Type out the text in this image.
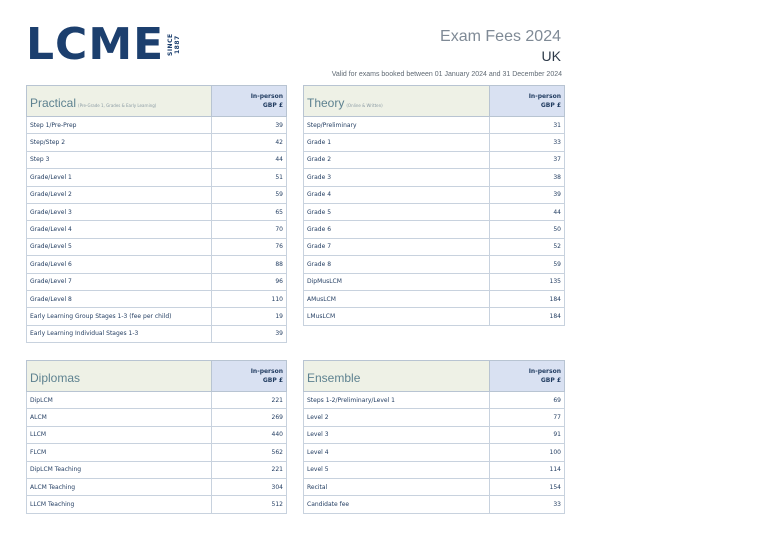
LCME SINCE 1887	Exam Fees 2024
UK
Valid for exams booked between 01 January 2024 and 31 December 2024
Practical (Pre-Grade 1, Grades & Early Learning)	In-person
GBP £

Step 1/Pre-Prep	39
Step/Step 2	42
Step 3	44
Grade/Level 1	51
Grade/Level 2	59
Grade/Level 3	65
Grade/Level 4	70
Grade/Level 5	76
Grade/Level 6	88
Grade/Level 7	96
Grade/Level 8	110
Early Learning Group Stages 1-3 (fee per child)	19
Early Learning Individual Stages 1-3	39
Theory (Online & Written)	In-person
GBP £

Step/Preliminary	31
Grade 1	33
Grade 2	37
Grade 3	38
Grade 4	39
Grade 5	44
Grade 6	50
Grade 7	52
Grade 8	59
DipMusLCM	135
AMusLCM	184
LMusLCM	184
Diplomas	In-person
GBP £

DipLCM	221
ALCM	269
LLCM	440
FLCM	562
DipLCM Teaching	221
ALCM Teaching	304
LLCM Teaching	512
Ensemble	In-person
GBP £

Steps 1-2/Preliminary/Level 1	69
Level 2	77
Level 3	91
Level 4	100
Level 5	114
Recital	154
Candidate fee	33
